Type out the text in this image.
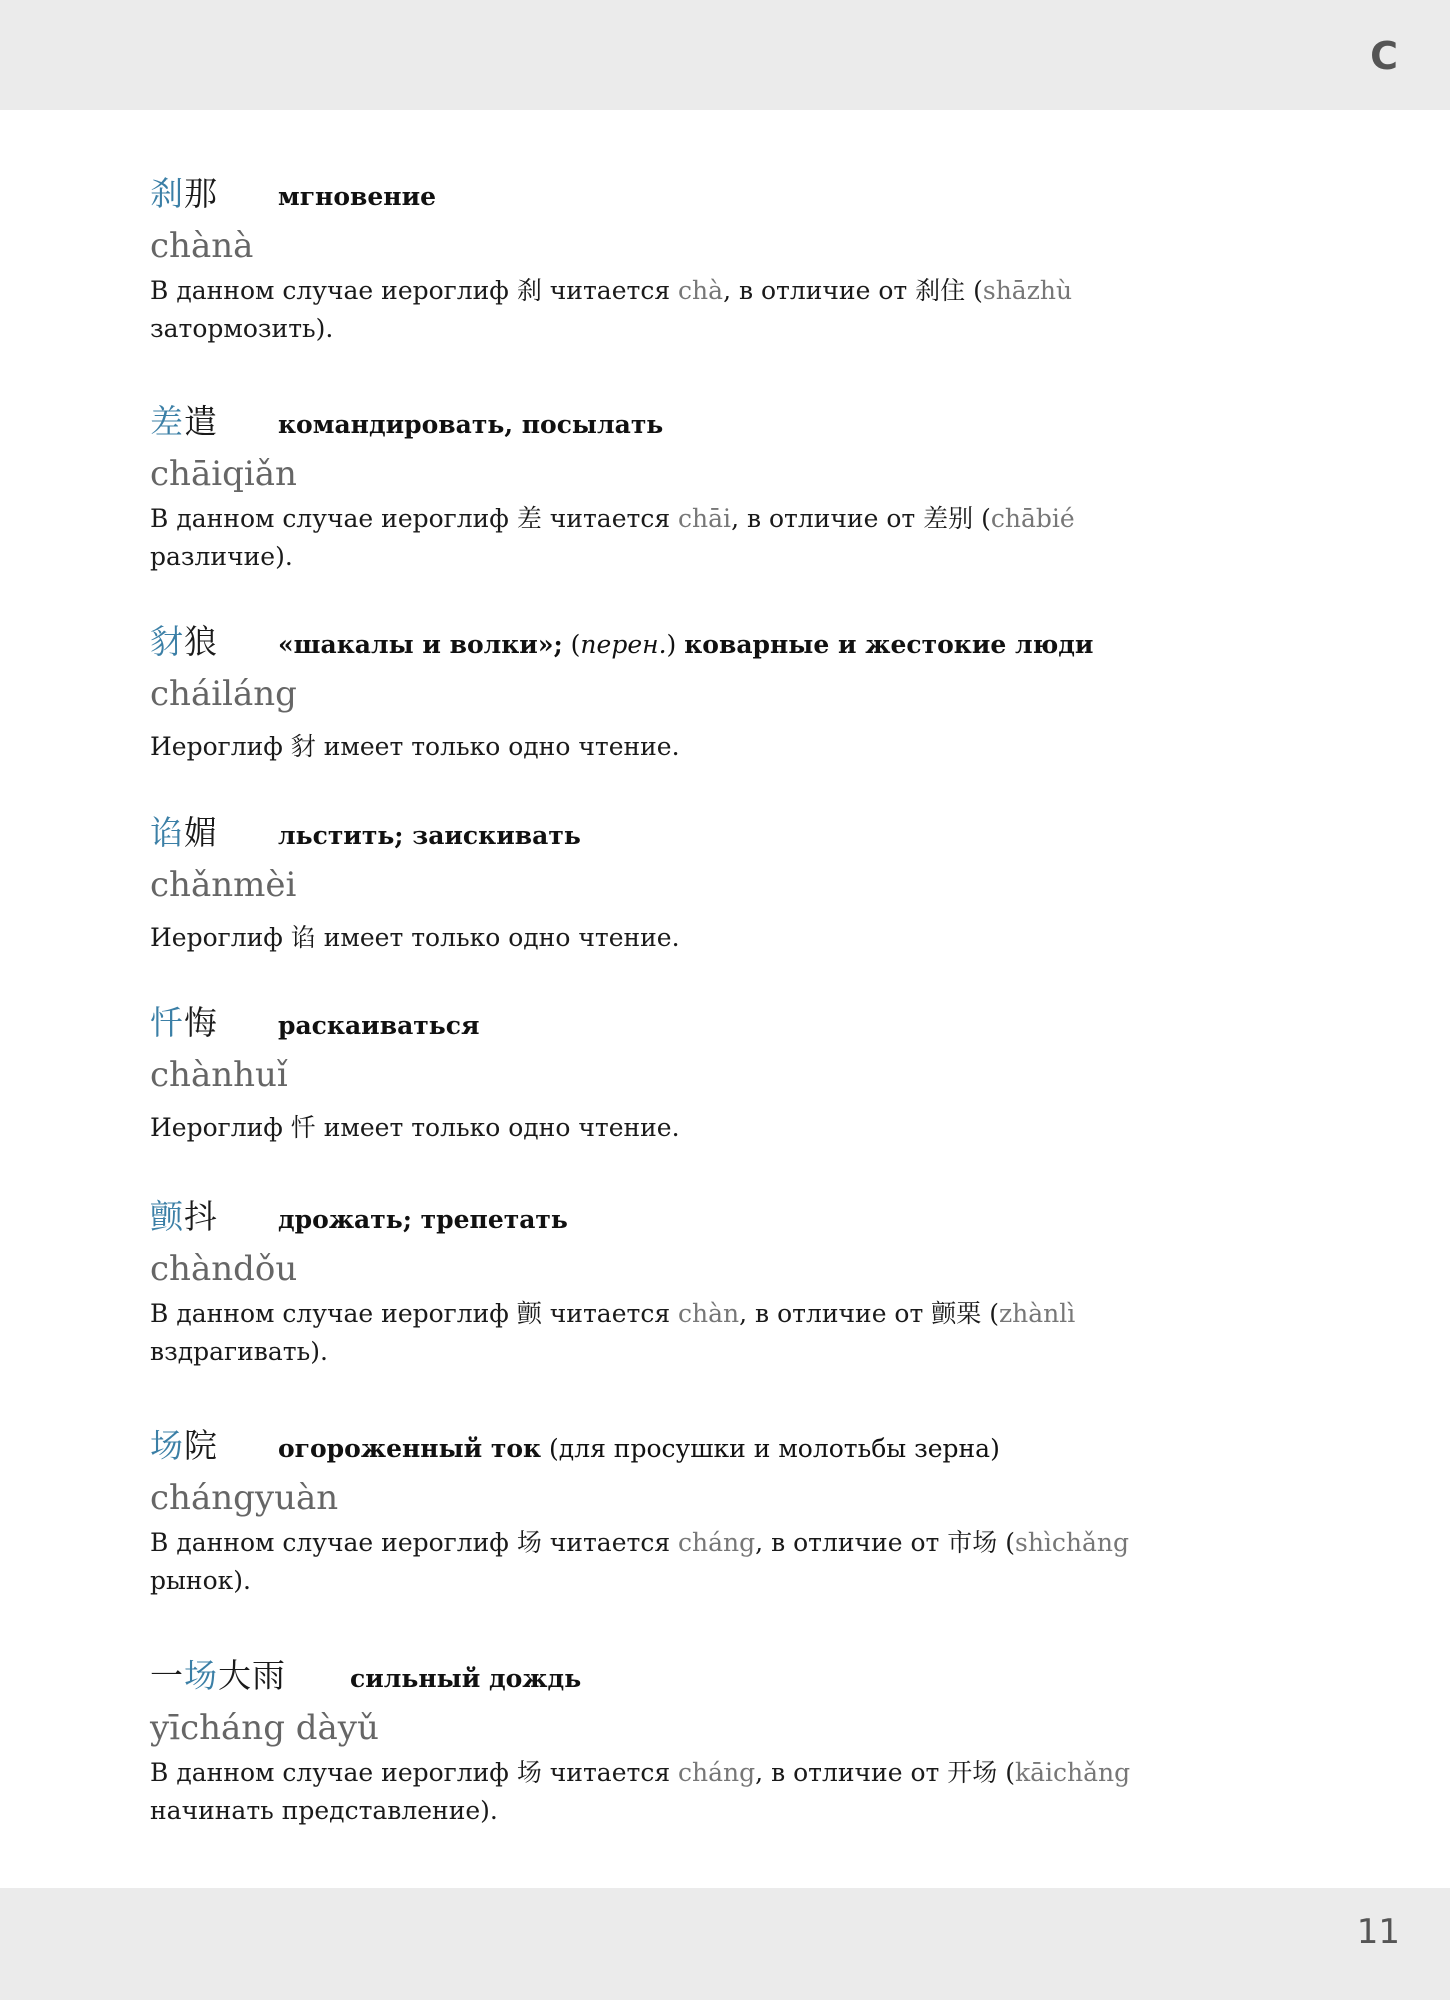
С
刹那 мгновение
chànà
В данном случае иероглиф 刹 читается chà, в отличие от 刹住 (shāzhù затормозить).
差遣 командировать, посылать
chāiqiǎn
В данном случае иероглиф 差 читается chāi, в отличие от 差别 (chābié различие).
豺狼 «шакалы и волки»; (перен.) коварные и жестокие люди
cháiláng
Иероглиф 豺 имеет только одно чтение.
谄媚 льстить; заискивать
chǎnmèi
Иероглиф 谄 имеет только одно чтение.
忏悔 раскаиваться
chànhuǐ
Иероглиф 忏 имеет только одно чтение.
颤抖 дрожать; трепетать
chàndǒu
В данном случае иероглиф 颤 читается chàn, в отличие от 颤栗 (zhànlì вздрагивать).
场院 огороженный ток (для просушки и молотьбы зерна)
chángyuàn
В данном случае иероглиф 场 читается cháng, в отличие от 市场 (shìchǎng рынок).
一场大雨	сильный дождь
yīcháng dàyǔ
В данном случае иероглиф 场 читается cháng, в отличие от 开场 (kāichǎng начинать представление).
11
